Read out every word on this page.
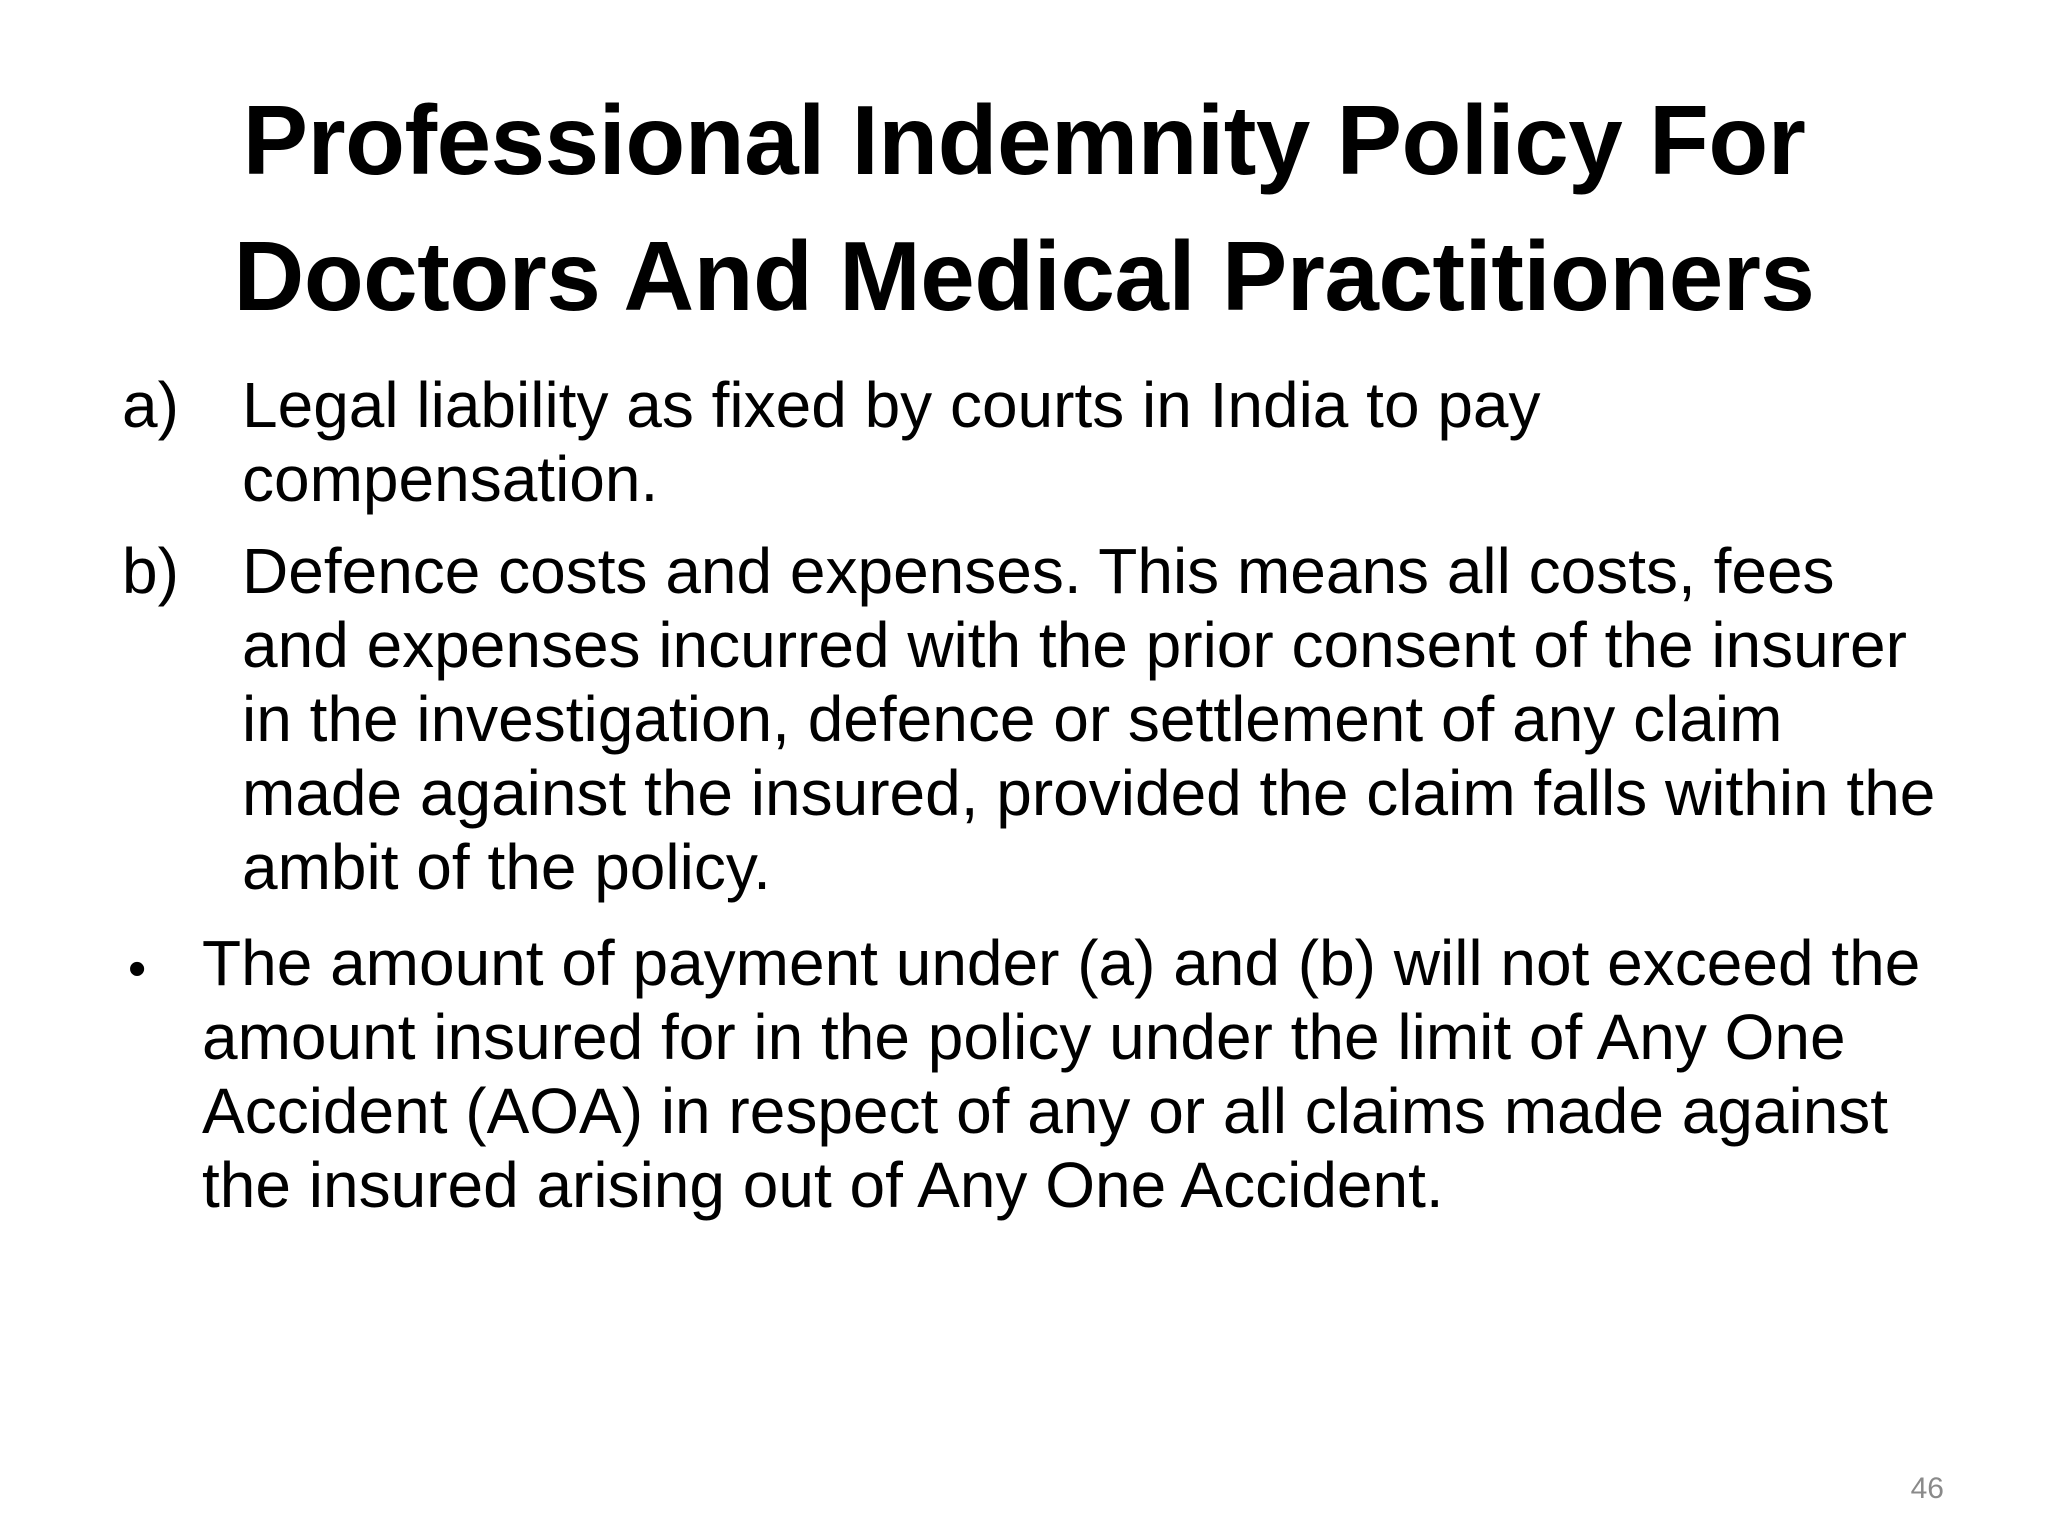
Professional Indemnity Policy For
Doctors And Medical Practitioners

a) Legal liability as fixed by courts in India to pay compensation.

b) Defence costs and expenses. This means all costs, fees and expenses incurred with the prior consent of the insurer in the investigation, defence or settlement of any claim made against the insured, provided the claim falls within the ambit of the policy.

• The amount of payment under (a) and (b) will not exceed the amount insured for in the policy under the limit of Any One Accident (AOA) in respect of any or all claims made against the insured arising out of Any One Accident.

46
